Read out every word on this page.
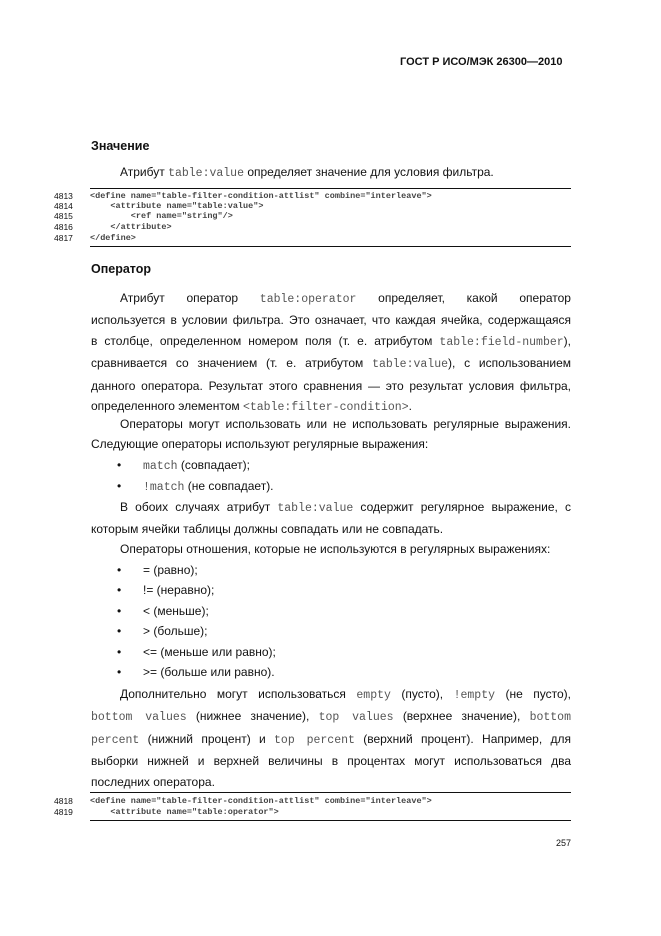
ГОСТ Р ИСО/МЭК 26300—2010
Значение
Атрибут table:value определяет значение для условия фильтра.
4813 <define name="table-filter-condition-attlist" combine="interleave">
4814 <attribute name="table:value">
4815 <ref name="string"/>
4816 </attribute>
4817 </define>
Оператор
Атрибут оператор table:operator определяет, какой оператор
используется в условии фильтра. Это означает, что каждая ячейка, содержащаяся
в столбце, определенном номером поля (т. е. атрибутом table:field-number),
сравнивается со значением (т. е. атрибутом table:value), с использованием
данного оператора. Результат этого сравнения — это результат условия фильтра,
определенного элементом <table:filter-condition>.
Операторы могут использовать или не использовать регулярные выражения.
Следующие операторы используют регулярные выражения:
• match (совпадает);
• !match (не совпадает).
В обоих случаях атрибут table:value содержит регулярное выражение, с
которым ячейки таблицы должны совпадать или не совпадать.
Операторы отношения, которые не используются в регулярных выражениях:
• = (равно);
• != (неравно);
• < (меньше);
• > (больше);
• <= (меньше или равно);
• >= (больше или равно).
Дополнительно могут использоваться empty (пусто), !empty (не пусто),
bottom values (нижнее значение), top values (верхнее значение), bottom
percent (нижний процент) и top percent (верхний процент). Например, для
выборки нижней и верхней величины в процентах могут использоваться два
последних оператора.
4818 <define name="table-filter-condition-attlist" combine="interleave">
4819 <attribute name="table:operator">
257
